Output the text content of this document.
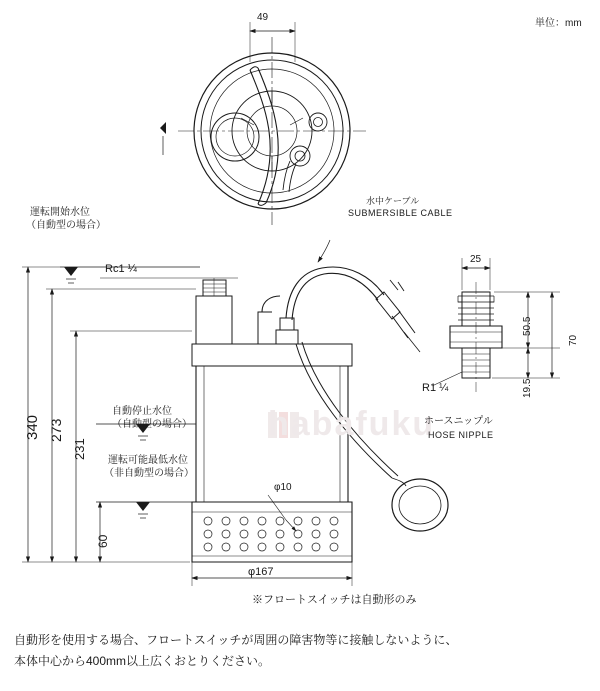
habafuku
単位：mm
49
水中ケーブル
SUBMERSIBLE CABLE
運転開始水位
（自動型の場合）
Rc1 ¼
自動停止水位
（自動型の場合）
運転可能最低水位
（非自動型の場合）
340 273
231
60
φ10
φ167
25
50.5
70
19.5
R1 ¼
ホースニップル
HOSE NIPPLE
※フロートスイッチは自動形のみ
自動形を使用する場合、フロートスイッチが周囲の障害物等に接触しないように、
本体中心から400mm以上広くおとりください。
